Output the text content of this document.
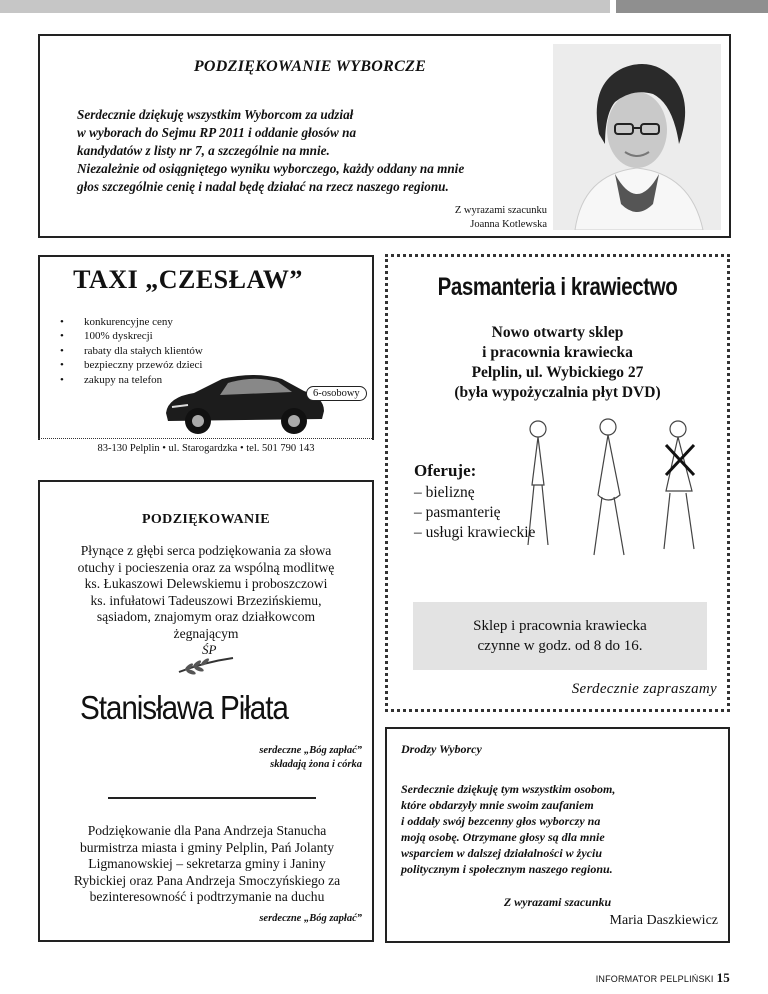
PODZIĘKOWANIE WYBORCZE
Serdecznie dziękuję wszystkim Wyborcom za udział
w wyborach do Sejmu RP 2011 i oddanie głosów na
kandydatów z listy nr 7, a szczególnie na mnie.
Niezależnie od osiągniętego wyniku wyborczego, każdy oddany na mnie
głos szczególnie cenię i nadal będę działać na rzecz naszego regionu.
Z wyrazami szacunku
Joanna Kotlewska
TAXI „CZESŁAW”
• konkurencyjne ceny
• 100% dyskrecji
• rabaty dla stałych klientów
• bezpieczny przewóz dzieci
• zakupy na telefon
6-osobowy
83-130 Pelplin • ul. Starogardzka • tel. 501 790 143
Pasmanteria i krawiectwo
Nowo otwarty sklep
i pracownia krawiecka
Pelplin, ul. Wybickiego 27
(była wypożyczalnia płyt DVD)
Oferuje:
– bieliznę
– pasmanterię
– usługi krawieckie
Sklep i pracownia krawiecka
czynne w godz. od 8 do 16.
Serdecznie zapraszamy
PODZIĘKOWANIE
Płynące z głębi serca podziękowania za słowa
otuchy i pocieszenia oraz za wspólną modlitwę
ks. Łukaszowi Delewskiemu i proboszczowi
ks. infułatowi Tadeuszowi Brzezińskiemu,
sąsiadom, znajomym oraz działkowcom
żegnającym
ŚP
Stanisława Piłata
serdeczne „Bóg zapłać”
składają żona i córka
Podziękowanie dla Pana Andrzeja Stanucha
burmistrza miasta i gminy Pelplin, Pań Jolanty
Ligmanowskiej – sekretarza gminy i Janiny
Rybickiej oraz Pana Andrzeja Smoczyńskiego za
bezinteresowność i podtrzymanie na duchu
serdeczne „Bóg zapłać”
Drodzy Wyborcy
Serdecznie dziękuję tym wszystkim osobom,
które obdarzyły mnie swoim zaufaniem
i oddały swój bezcenny głos wyborczy na
moją osobę. Otrzymane głosy są dla mnie
wsparciem w dalszej działalności w życiu
politycznym i społecznym naszego regionu.
Z wyrazami szacunku
Maria Daszkiewicz
INFORMATOR PELPLIŃSKI 15
